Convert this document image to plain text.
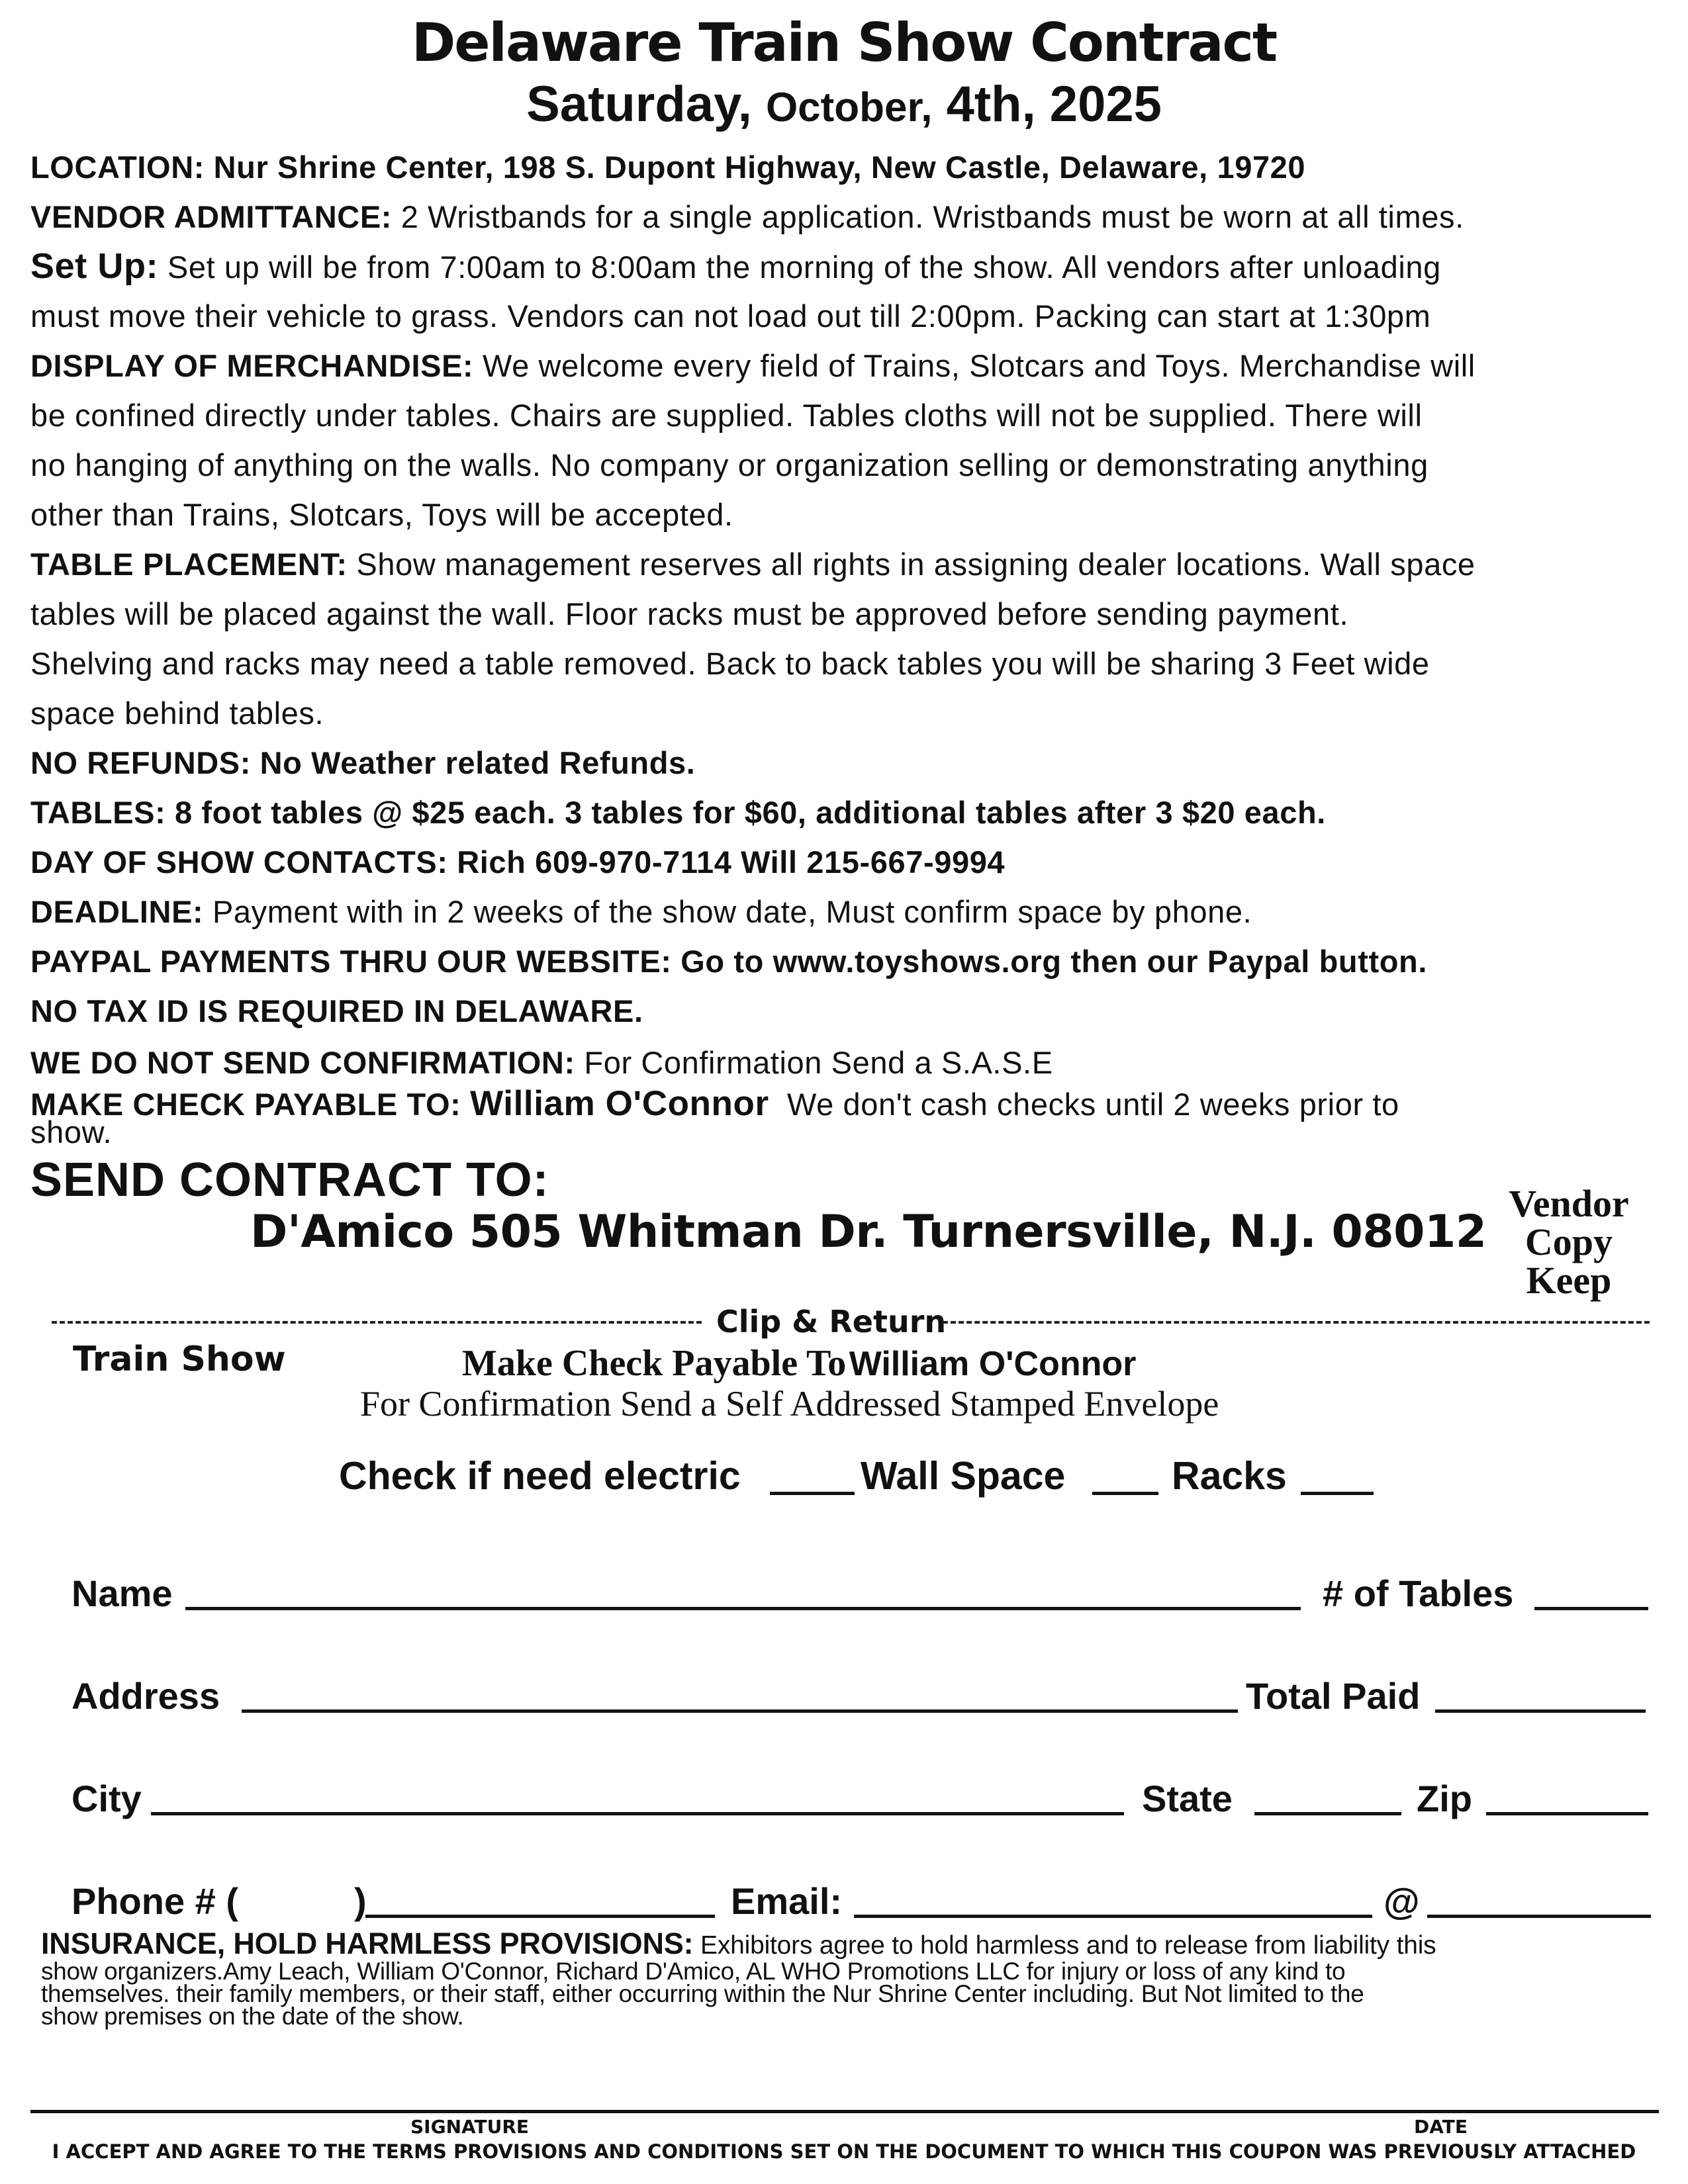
Delaware Train Show Contract
Saturday, October, 4th, 2025
LOCATION: Nur Shrine Center, 198 S. Dupont Highway, New Castle, Delaware, 19720
VENDOR ADMITTANCE: 2 Wristbands for a single application. Wristbands must be worn at all times.
Set Up: Set up will be from 7:00am to 8:00am the morning of the show. All vendors after unloading
must move their vehicle to grass. Vendors can not load out till 2:00pm. Packing can start at 1:30pm
DISPLAY OF MERCHANDISE: We welcome every field of Trains, Slotcars and Toys. Merchandise will
be confined directly under tables. Chairs are supplied. Tables cloths will not be supplied. There will
no hanging of anything on the walls. No company or organization selling or demonstrating anything
other than Trains, Slotcars, Toys will be accepted.
TABLE PLACEMENT: Show management reserves all rights in assigning dealer locations. Wall space
tables will be placed against the wall. Floor racks must be approved before sending payment.
Shelving and racks may need a table removed. Back to back tables you will be sharing 3 Feet wide
space behind tables.
NO REFUNDS: No Weather related Refunds.
TABLES: 8 foot tables @ $25 each. 3 tables for $60, additional tables after 3 $20 each.
DAY OF SHOW CONTACTS: Rich 609-970-7114 Will 215-667-9994
DEADLINE: Payment with in 2 weeks of the show date, Must confirm space by phone.
PAYPAL PAYMENTS THRU OUR WEBSITE: Go to www.toyshows.org then our Paypal button.
NO TAX ID IS REQUIRED IN DELAWARE.
WE DO NOT SEND CONFIRMATION: For Confirmation Send a S.A.S.E
MAKE CHECK PAYABLE TO: William O'Connor We don't cash checks until 2 weeks prior to
show.
SEND CONTRACT TO:
D'Amico 505 Whitman Dr. Turnersville, N.J. 08012
Vendor
Copy
Keep
Clip & Return
Train Show	Make Check Payable To William O'Connor
For Confirmation Send a Self Addressed Stamped Envelope
Check if need electric	Wall Space	Racks
Name	# of Tables
Address	Total Paid
City	State	Zip
Phone # (	)	Email:	@
INSURANCE, HOLD HARMLESS PROVISIONS: Exhibitors agree to hold harmless and to release from liability this
show organizers.Amy Leach, William O'Connor, Richard D'Amico, AL WHO Promotions LLC for injury or loss of any kind to
themselves. their family members, or their staff, either occurring within the Nur Shrine Center including. But Not limited to the
show premises on the date of the show.
SIGNATURE	DATE
I ACCEPT AND AGREE TO THE TERMS PROVISIONS AND CONDITIONS SET ON THE DOCUMENT TO WHICH THIS COUPON WAS PREVIOUSLY ATTACHED
